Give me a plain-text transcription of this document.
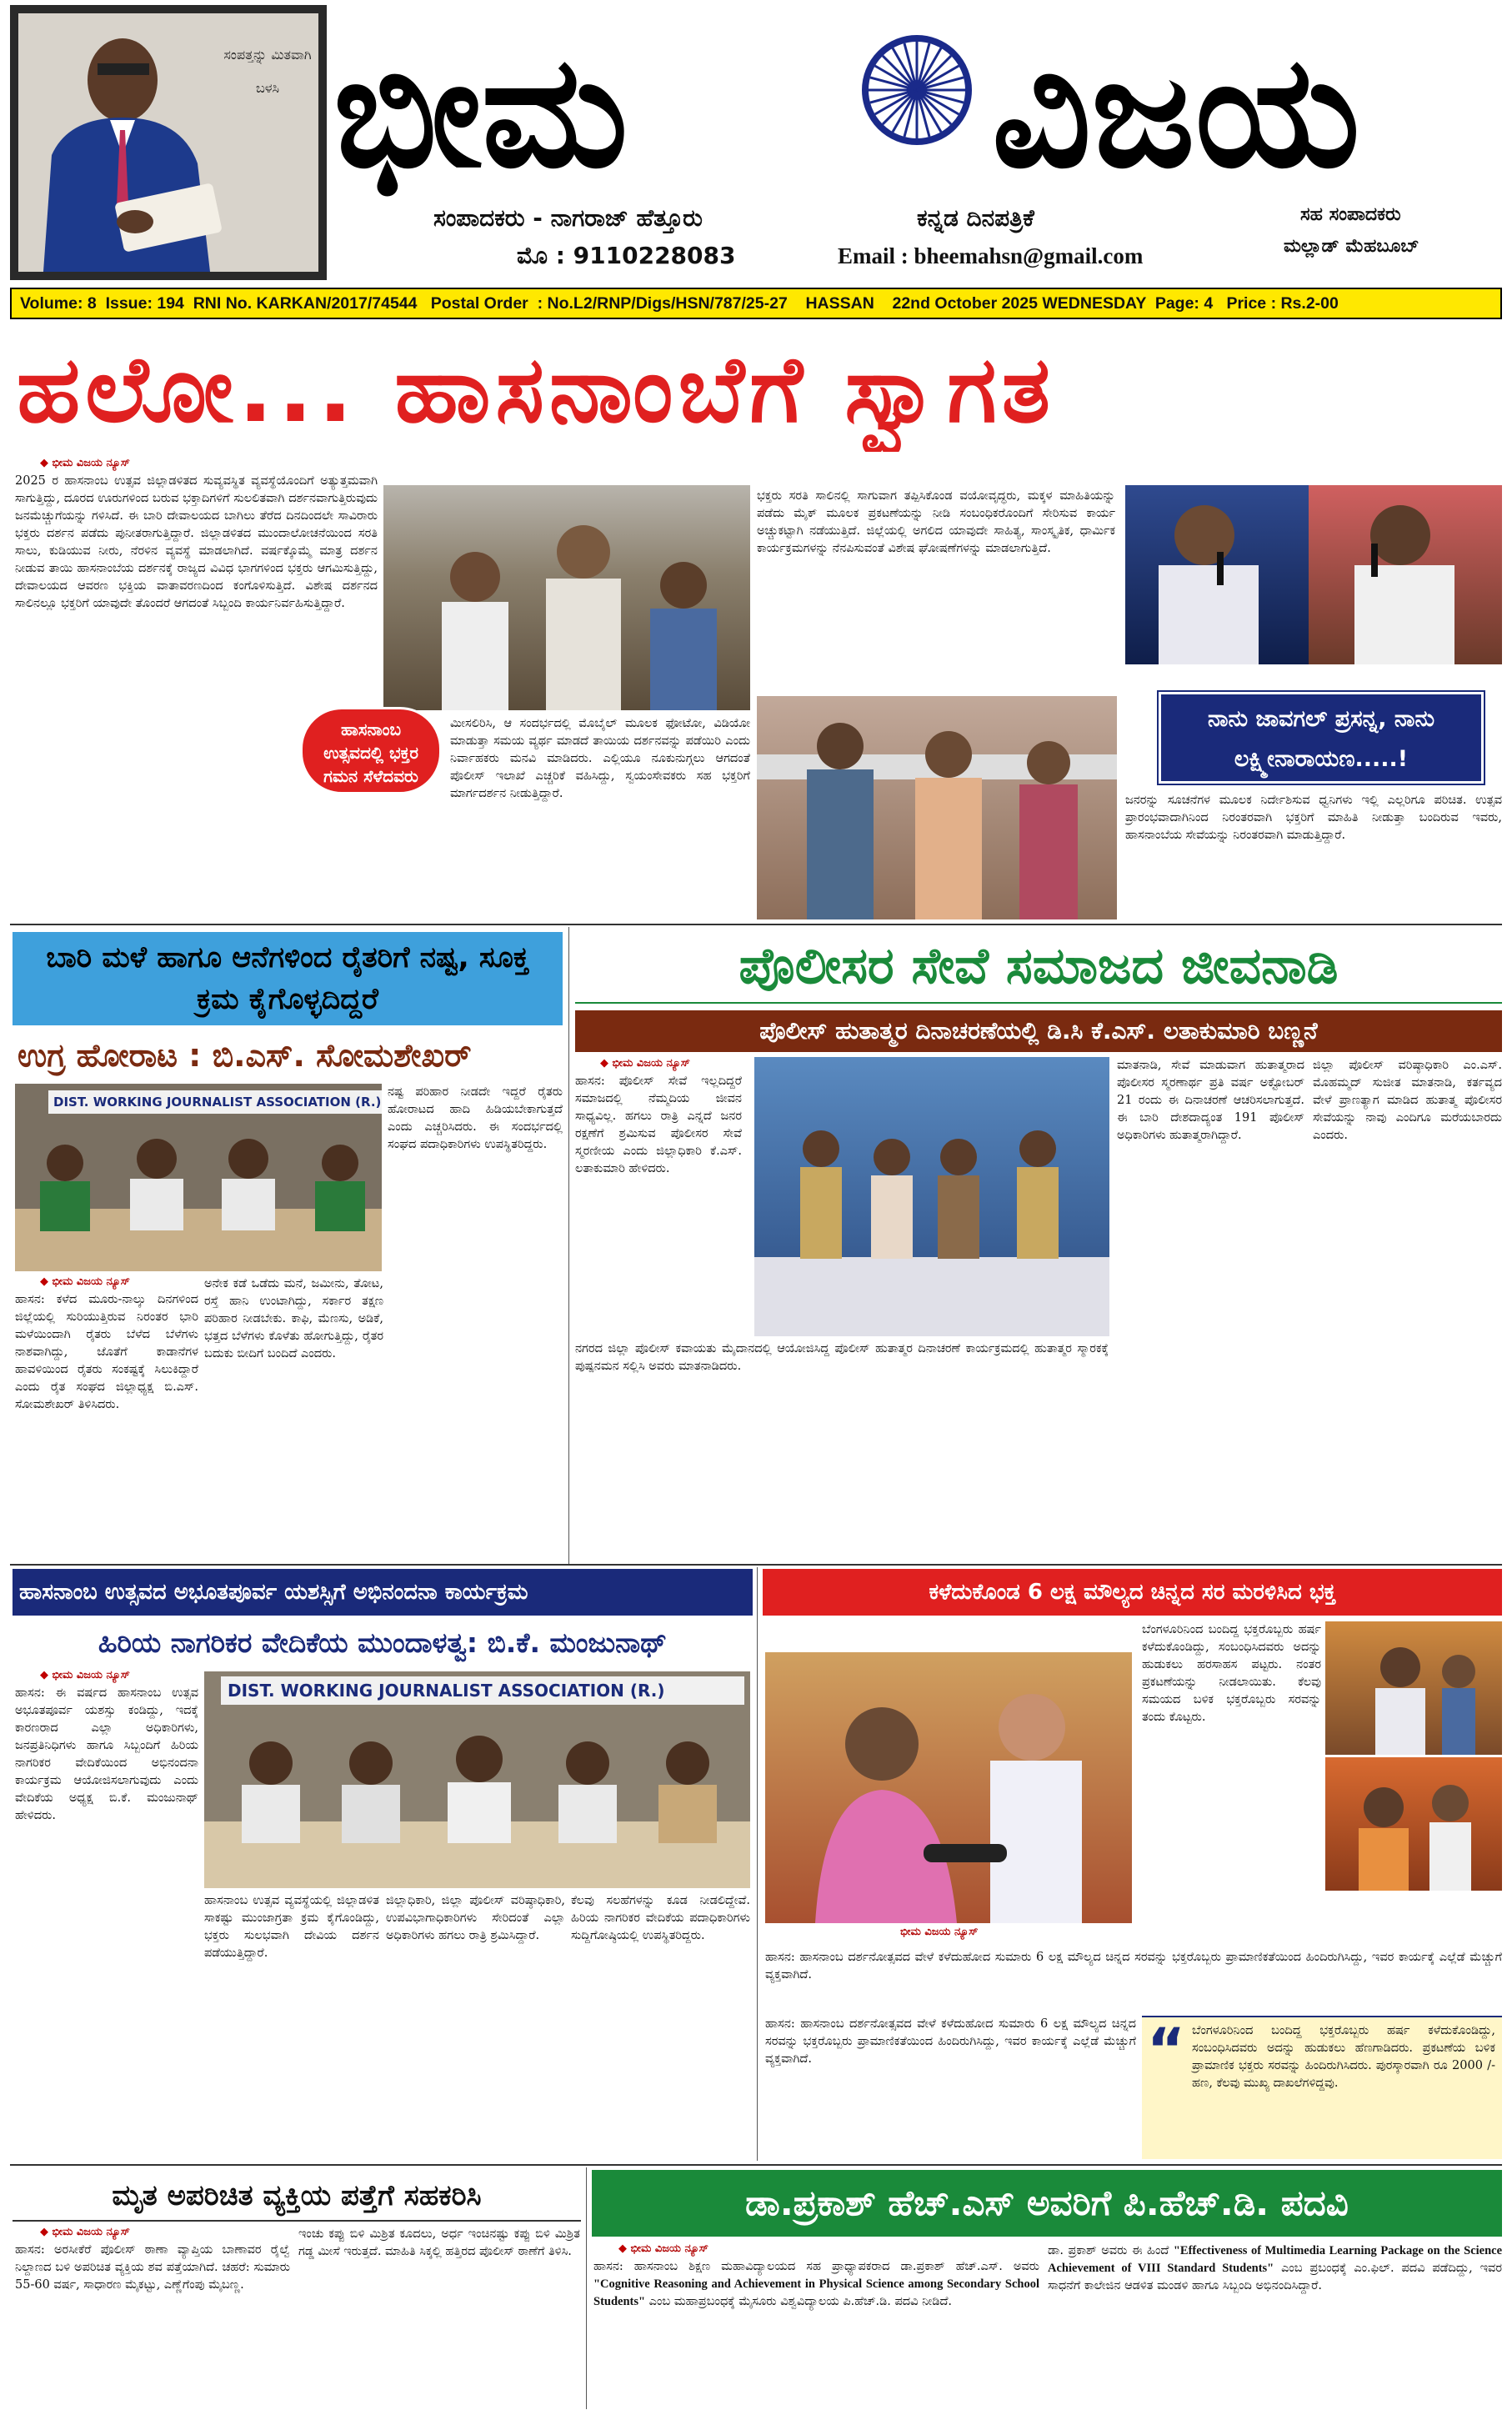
ಸಂಪತ್ತನ್ನು ಮಿತವಾಗಿ ಬಳಸಿ ಭೀಮ ವಿಜಯ
ಸಂಪಾದಕರು - ನಾಗರಾಜ್ ಹೆತ್ತೂರು
ಮೊ : 9110228083
ಕನ್ನಡ ದಿನಪತ್ರಿಕೆ
Email : bheemahsn@gmail.com
ಸಹ ಸಂಪಾದಕರು
ಮಲ್ಲಾಡ್ ಮೆಹಬೂಬ್
Volume: 8  Issue: 194  RNI No. KARKAN/2017/74544   Postal Order  : No.L2/RNP/Digs/HSN/787/25-27    HASSAN    22nd October 2025 WEDNESDAY  Page: 4   Price : Rs.2-00
ಹಲೋ... ಹಾಸನಾಂಬೆಗೆ ಸ್ವಾಗತ

◆ ಭೀಮ ವಿಜಯ ನ್ಯೂಸ್

2025 ರ ಹಾಸನಾಂಬ ಉತ್ಸವ ಜಿಲ್ಲಾಡಳಿತದ ಸುವ್ಯವಸ್ಥಿತ ವ್ಯವಸ್ಥೆಯೊಂದಿಗೆ ಅತ್ಯುತ್ತಮವಾಗಿ ಸಾಗುತ್ತಿದ್ದು, ದೂರದ ಊರುಗಳಿಂದ ಬರುವ ಭಕ್ತಾದಿಗಳಿಗೆ ಸುಲಲಿತವಾಗಿ ದರ್ಶನವಾಗುತ್ತಿರುವುದು ಜನಮೆಚ್ಚುಗೆಯನ್ನು ಗಳಿಸಿದೆ. ಈ ಬಾರಿ ದೇವಾಲಯದ ಬಾಗಿಲು ತೆರೆದ ದಿನದಿಂದಲೇ ಸಾವಿರಾರು ಭಕ್ತರು ದರ್ಶನ ಪಡೆದು ಪುನೀತರಾಗುತ್ತಿದ್ದಾರೆ. ಜಿಲ್ಲಾಡಳಿತದ ಮುಂದಾಲೋಚನೆಯಿಂದ ಸರತಿ ಸಾಲು, ಕುಡಿಯುವ ನೀರು, ನೆರಳಿನ ವ್ಯವಸ್ಥೆ ಮಾಡಲಾಗಿದೆ. ವರ್ಷಕ್ಕೊಮ್ಮೆ ಮಾತ್ರ ದರ್ಶನ ನೀಡುವ ತಾಯಿ ಹಾಸನಾಂಬೆಯ ದರ್ಶನಕ್ಕೆ ರಾಜ್ಯದ ವಿವಿಧ ಭಾಗಗಳಿಂದ ಭಕ್ತರು ಆಗಮಿಸುತ್ತಿದ್ದು, ದೇವಾಲಯದ ಆವರಣ ಭಕ್ತಿಯ ವಾತಾವರಣದಿಂದ ಕಂಗೊಳಿಸುತ್ತಿದೆ. ವಿಶೇಷ ದರ್ಶನದ ಸಾಲಿನಲ್ಲೂ ಭಕ್ತರಿಗೆ ಯಾವುದೇ ತೊಂದರೆ ಆಗದಂತೆ ಸಿಬ್ಬಂದಿ ಕಾರ್ಯನಿರ್ವಹಿಸುತ್ತಿದ್ದಾರೆ.

ಹಾಸನಾಂಬ ಉತ್ಸವದಲ್ಲಿ ಭಕ್ತರ ಗಮನ ಸೆಳೆದವರು

ಮೀಸಲಿರಿಸಿ, ಆ ಸಂದರ್ಭದಲ್ಲಿ ಮೊಬೈಲ್ ಮೂಲಕ ಫೋಟೋ, ವಿಡಿಯೋ ಮಾಡುತ್ತಾ ಸಮಯ ವ್ಯರ್ಥ ಮಾಡದೆ ತಾಯಿಯ ದರ್ಶನವನ್ನು ಪಡೆಯಿರಿ ಎಂದು ನಿರ್ವಾಹಕರು ಮನವಿ ಮಾಡಿದರು. ಎಲ್ಲಿಯೂ ನೂಕುನುಗ್ಗಲು ಆಗದಂತೆ ಪೊಲೀಸ್ ಇಲಾಖೆ ಎಚ್ಚರಿಕೆ ವಹಿಸಿದ್ದು, ಸ್ವಯಂಸೇವಕರು ಸಹ ಭಕ್ತರಿಗೆ ಮಾರ್ಗದರ್ಶನ ನೀಡುತ್ತಿದ್ದಾರೆ.

ಭಕ್ತರು ಸರತಿ ಸಾಲಿನಲ್ಲಿ ಸಾಗುವಾಗ ತಪ್ಪಿಸಿಕೊಂಡ ವಯೋವೃದ್ಧರು, ಮಕ್ಕಳ ಮಾಹಿತಿಯನ್ನು ಪಡೆದು ಮೈಕ್ ಮೂಲಕ ಪ್ರಕಟಣೆಯನ್ನು ನೀಡಿ ಸಂಬಂಧಿಕರೊಂದಿಗೆ ಸೇರಿಸುವ ಕಾರ್ಯ ಅಚ್ಚುಕಟ್ಟಾಗಿ ನಡೆಯುತ್ತಿದೆ. ಜಿಲ್ಲೆಯಲ್ಲಿ ಅಗಲಿದ ಯಾವುದೇ ಸಾಹಿತ್ಯ, ಸಾಂಸ್ಕೃತಿಕ, ಧಾರ್ಮಿಕ ಕಾರ್ಯಕ್ರಮಗಳನ್ನು ನೆನಪಿಸುವಂತೆ ವಿಶೇಷ ಘೋಷಣೆಗಳನ್ನು ಮಾಡಲಾಗುತ್ತಿದೆ.

ನಾನು ಜಾವಗಲ್ ಪ್ರಸನ್ನ, ನಾನು ಲಕ್ಷ್ಮೀನಾರಾಯಣ.....!

ಜನರನ್ನು ಸೂಚನೆಗಳ ಮೂಲಕ ನಿರ್ದೇಶಿಸುವ ಧ್ವನಿಗಳು ಇಲ್ಲಿ ಎಲ್ಲರಿಗೂ ಪರಿಚಿತ. ಉತ್ಸವ ಪ್ರಾರಂಭವಾದಾಗಿನಿಂದ ನಿರಂತರವಾಗಿ ಭಕ್ತರಿಗೆ ಮಾಹಿತಿ ನೀಡುತ್ತಾ ಬಂದಿರುವ ಇವರು, ಹಾಸನಾಂಬೆಯ ಸೇವೆಯನ್ನು ನಿರಂತರವಾಗಿ ಮಾಡುತ್ತಿದ್ದಾರೆ.

ಬಾರಿ ಮಳೆ ಹಾಗೂ ಆನೆಗಳಿಂದ ರೈತರಿಗೆ ನಷ್ಟ, ಸೂಕ್ತ ಕ್ರಮ ಕೈಗೊಳ್ಳದಿದ್ದರೆ
ಉಗ್ರ ಹೋರಾಟ : ಬಿ.ಎಸ್. ಸೋಮಶೇಖರ್
DIST. WORKING JOURNALIST ASSOCIATION (R.)

◆ ಭೀಮ ವಿಜಯ ನ್ಯೂಸ್

ಹಾಸನ: ಕಳೆದ ಮೂರು-ನಾಲ್ಕು ದಿನಗಳಿಂದ ಜಿಲ್ಲೆಯಲ್ಲಿ ಸುರಿಯುತ್ತಿರುವ ನಿರಂತರ ಭಾರಿ ಮಳೆಯಿಂದಾಗಿ ರೈತರು ಬೆಳೆದ ಬೆಳೆಗಳು ನಾಶವಾಗಿದ್ದು, ಜೊತೆಗೆ ಕಾಡಾನೆಗಳ ಹಾವಳಿಯಿಂದ ರೈತರು ಸಂಕಷ್ಟಕ್ಕೆ ಸಿಲುಕಿದ್ದಾರೆ ಎಂದು ರೈತ ಸಂಘದ ಜಿಲ್ಲಾಧ್ಯಕ್ಷ ಬಿ.ಎಸ್. ಸೋಮಶೇಖರ್ ತಿಳಿಸಿದರು.

ಅನೇಕ ಕಡೆ ಒಡೆದು ಮನೆ, ಜಮೀನು, ತೋಟ, ರಸ್ತೆ ಹಾನಿ ಉಂಟಾಗಿದ್ದು, ಸರ್ಕಾರ ತಕ್ಷಣ ಪರಿಹಾರ ನೀಡಬೇಕು. ಕಾಫಿ, ಮೆಣಸು, ಅಡಿಕೆ, ಭತ್ತದ ಬೆಳೆಗಳು ಕೊಳೆತು ಹೋಗುತ್ತಿದ್ದು, ರೈತರ ಬದುಕು ಬೀದಿಗೆ ಬಂದಿದೆ ಎಂದರು.

ನಷ್ಟ ಪರಿಹಾರ ನೀಡದೇ ಇದ್ದರೆ ರೈತರು ಹೋರಾಟದ ಹಾದಿ ಹಿಡಿಯಬೇಕಾಗುತ್ತದೆ ಎಂದು ಎಚ್ಚರಿಸಿದರು. ಈ ಸಂದರ್ಭದಲ್ಲಿ ಸಂಘದ ಪದಾಧಿಕಾರಿಗಳು ಉಪಸ್ಥಿತರಿದ್ದರು.

ಪೊಲೀಸರ ಸೇವೆ ಸಮಾಜದ ಜೀವನಾಡಿ
ಪೊಲೀಸ್ ಹುತಾತ್ಮರ ದಿನಾಚರಣೆಯಲ್ಲಿ ಡಿ.ಸಿ ಕೆ.ಎಸ್. ಲತಾಕುಮಾರಿ ಬಣ್ಣನೆ

◆ ಭೀಮ ವಿಜಯ ನ್ಯೂಸ್

ಹಾಸನ: ಪೊಲೀಸ್ ಸೇವೆ ಇಲ್ಲದಿದ್ದರೆ ಸಮಾಜದಲ್ಲಿ ನೆಮ್ಮದಿಯ ಜೀವನ ಸಾಧ್ಯವಿಲ್ಲ. ಹಗಲು ರಾತ್ರಿ ಎನ್ನದೆ ಜನರ ರಕ್ಷಣೆಗೆ ಶ್ರಮಿಸುವ ಪೊಲೀಸರ ಸೇವೆ ಸ್ಮರಣೀಯ ಎಂದು ಜಿಲ್ಲಾಧಿಕಾರಿ ಕೆ.ಎಸ್. ಲತಾಕುಮಾರಿ ಹೇಳಿದರು.

ನಗರದ ಜಿಲ್ಲಾ ಪೊಲೀಸ್ ಕವಾಯತು ಮೈದಾನದಲ್ಲಿ ಆಯೋಜಿಸಿದ್ದ ಪೊಲೀಸ್ ಹುತಾತ್ಮರ ದಿನಾಚರಣೆ ಕಾರ್ಯಕ್ರಮದಲ್ಲಿ ಹುತಾತ್ಮರ ಸ್ಮಾರಕಕ್ಕೆ ಪುಷ್ಪನಮನ ಸಲ್ಲಿಸಿ ಅವರು ಮಾತನಾಡಿದರು.

ಮಾತನಾಡಿ, ಸೇವೆ ಮಾಡುವಾಗ ಹುತಾತ್ಮರಾದ ಪೊಲೀಸರ ಸ್ಮರಣಾರ್ಥ ಪ್ರತಿ ವರ್ಷ ಅಕ್ಟೋಬರ್ 21 ರಂದು ಈ ದಿನಾಚರಣೆ ಆಚರಿಸಲಾಗುತ್ತದೆ. ಈ ಬಾರಿ ದೇಶದಾದ್ಯಂತ 191 ಪೊಲೀಸ್ ಅಧಿಕಾರಿಗಳು ಹುತಾತ್ಮರಾಗಿದ್ದಾರೆ.

ಜಿಲ್ಲಾ ಪೊಲೀಸ್ ವರಿಷ್ಠಾಧಿಕಾರಿ ಎಂ.ಎಸ್. ಮೊಹಮ್ಮದ್ ಸುಜೀತ ಮಾತನಾಡಿ, ಕರ್ತವ್ಯದ ವೇಳೆ ಪ್ರಾಣತ್ಯಾಗ ಮಾಡಿದ ಹುತಾತ್ಮ ಪೊಲೀಸರ ಸೇವೆಯನ್ನು ನಾವು ಎಂದಿಗೂ ಮರೆಯಬಾರದು ಎಂದರು.

ಹಾಸನಾಂಬ ಉತ್ಸವದ ಅಭೂತಪೂರ್ವ ಯಶಸ್ಸಿಗೆ ಅಭಿನಂದನಾ ಕಾರ್ಯಕ್ರಮ
ಹಿರಿಯ ನಾಗರಿಕರ ವೇದಿಕೆಯ ಮುಂದಾಳತ್ವ: ಬಿ.ಕೆ. ಮಂಜುನಾಥ್

◆ ಭೀಮ ವಿಜಯ ನ್ಯೂಸ್

ಹಾಸನ: ಈ ವರ್ಷದ ಹಾಸನಾಂಬ ಉತ್ಸವ ಅಭೂತಪೂರ್ವ ಯಶಸ್ಸು ಕಂಡಿದ್ದು, ಇದಕ್ಕೆ ಕಾರಣರಾದ ಎಲ್ಲಾ ಅಧಿಕಾರಿಗಳು, ಜನಪ್ರತಿನಿಧಿಗಳು ಹಾಗೂ ಸಿಬ್ಬಂದಿಗೆ ಹಿರಿಯ ನಾಗರಿಕರ ವೇದಿಕೆಯಿಂದ ಅಭಿನಂದನಾ ಕಾರ್ಯಕ್ರಮ ಆಯೋಜಿಸಲಾಗುವುದು ಎಂದು ವೇದಿಕೆಯ ಅಧ್ಯಕ್ಷ ಬಿ.ಕೆ. ಮಂಜುನಾಥ್ ಹೇಳಿದರು.

DIST. WORKING JOURNALIST ASSOCIATION (R.)

ಹಾಸನಾಂಬ ಉತ್ಸವ ವ್ಯವಸ್ಥೆಯಲ್ಲಿ ಜಿಲ್ಲಾಡಳಿತ ಸಾಕಷ್ಟು ಮುಂಜಾಗ್ರತಾ ಕ್ರಮ ಕೈಗೊಂಡಿದ್ದು, ಭಕ್ತರು ಸುಲಭವಾಗಿ ದೇವಿಯ ದರ್ಶನ ಪಡೆಯುತ್ತಿದ್ದಾರೆ.

ಜಿಲ್ಲಾಧಿಕಾರಿ, ಜಿಲ್ಲಾ ಪೊಲೀಸ್ ವರಿಷ್ಠಾಧಿಕಾರಿ, ಉಪವಿಭಾಗಾಧಿಕಾರಿಗಳು ಸೇರಿದಂತೆ ಎಲ್ಲಾ ಅಧಿಕಾರಿಗಳು ಹಗಲು ರಾತ್ರಿ ಶ್ರಮಿಸಿದ್ದಾರೆ.

ಕೆಲವು ಸಲಹೆಗಳನ್ನು ಕೂಡ ನೀಡಲಿದ್ದೇವೆ. ಹಿರಿಯ ನಾಗರಿಕರ ವೇದಿಕೆಯ ಪದಾಧಿಕಾರಿಗಳು ಸುದ್ದಿಗೋಷ್ಠಿಯಲ್ಲಿ ಉಪಸ್ಥಿತರಿದ್ದರು.

ಕಳೆದುಕೊಂಡ 6 ಲಕ್ಷ ಮೌಲ್ಯದ ಚಿನ್ನದ ಸರ ಮರಳಿಸಿದ ಭಕ್ತ
ಭೀಮ ವಿಜಯ ನ್ಯೂಸ್

ಬೆಂಗಳೂರಿನಿಂದ ಬಂದಿದ್ದ ಭಕ್ತರೊಬ್ಬರು ಹರ್ಷ ಕಳೆದುಕೊಂಡಿದ್ದು, ಸಂಬಂಧಿಸಿದವರು ಅದನ್ನು ಹುಡುಕಲು ಹರಸಾಹಸ ಪಟ್ಟರು. ನಂತರ ಪ್ರಕಟಣೆಯನ್ನು ನೀಡಲಾಯಿತು. ಕೆಲವು ಸಮಯದ ಬಳಿಕ ಭಕ್ತರೊಬ್ಬರು ಸರವನ್ನು ತಂದು ಕೊಟ್ಟರು.

ಹಾಸನ: ಹಾಸನಾಂಬ ದರ್ಶನೋತ್ಸವದ ವೇಳೆ ಕಳೆದುಹೋದ ಸುಮಾರು 6 ಲಕ್ಷ ಮೌಲ್ಯದ ಚಿನ್ನದ ಸರವನ್ನು ಭಕ್ತರೊಬ್ಬರು ಪ್ರಾಮಾಣಿಕತೆಯಿಂದ ಹಿಂದಿರುಗಿಸಿದ್ದು, ಇವರ ಕಾರ್ಯಕ್ಕೆ ಎಲ್ಲೆಡೆ ಮೆಚ್ಚುಗೆ ವ್ಯಕ್ತವಾಗಿದೆ.

“ ಬೆಂಗಳೂರಿನಿಂದ ಬಂದಿದ್ದ ಭಕ್ತರೊಬ್ಬರು ಹರ್ಷ ಕಳೆದುಕೊಂಡಿದ್ದು, ಸಂಬಂಧಿಸಿದವರು ಅದನ್ನು ಹುಡುಕಲು ಹೆಣಗಾಡಿದರು. ಪ್ರಕಟಣೆಯ ಬಳಿಕ ಪ್ರಾಮಾಣಿಕ ಭಕ್ತರು ಸರವನ್ನು ಹಿಂದಿರುಗಿಸಿದರು. ಪುರಸ್ಕಾರವಾಗಿ ರೂ 2000 /- ಹಣ, ಕೆಲವು ಮುಖ್ಯ ದಾಖಲೆಗಳಿದ್ದವು.

ಹಾಸನ: ಹಾಸನಾಂಬ ದರ್ಶನೋತ್ಸವದ ವೇಳೆ ಕಳೆದುಹೋದ ಸುಮಾರು 6 ಲಕ್ಷ ಮೌಲ್ಯದ ಚಿನ್ನದ ಸರವನ್ನು ಭಕ್ತರೊಬ್ಬರು ಪ್ರಾಮಾಣಿಕತೆಯಿಂದ ಹಿಂದಿರುಗಿಸಿದ್ದು, ಇವರ ಕಾರ್ಯಕ್ಕೆ ಎಲ್ಲೆಡೆ ಮೆಚ್ಚುಗೆ ವ್ಯಕ್ತವಾಗಿದೆ.

ಮೃತ ಅಪರಿಚಿತ ವ್ಯಕ್ತಿಯ ಪತ್ತೆಗೆ ಸಹಕರಿಸಿ

◆ ಭೀಮ ವಿಜಯ ನ್ಯೂಸ್

ಹಾಸನ: ಅರಸೀಕೆರೆ ಪೊಲೀಸ್ ಠಾಣಾ ವ್ಯಾಪ್ತಿಯ ಬಾಣಾವರ ರೈಲ್ವೆ ನಿಲ್ದಾಣದ ಬಳಿ ಅಪರಿಚಿತ ವ್ಯಕ್ತಿಯ ಶವ ಪತ್ತೆಯಾಗಿದೆ. ಚಹರೆ: ಸುಮಾರು 55-60 ವರ್ಷ, ಸಾಧಾರಣ ಮೈಕಟ್ಟು, ಎಣ್ಣೆಗೆಂಪು ಮೈಬಣ್ಣ.

ಇಂಚು ಕಪ್ಪು ಬಿಳಿ ಮಿಶ್ರಿತ ಕೂದಲು, ಅರ್ಧ ಇಂಚಿನಷ್ಟು ಕಪ್ಪು ಬಿಳಿ ಮಿಶ್ರಿತ ಗಡ್ಡ ಮೀಸೆ ಇರುತ್ತದೆ. ಮಾಹಿತಿ ಸಿಕ್ಕಲ್ಲಿ ಹತ್ತಿರದ ಪೊಲೀಸ್ ಠಾಣೆಗೆ ತಿಳಿಸಿ.

ಡಾ.ಪ್ರಕಾಶ್ ಹೆಚ್.ಎಸ್ ಅವರಿಗೆ ಪಿ.ಹೆಚ್.ಡಿ. ಪದವಿ

◆ ಭೀಮ ವಿಜಯ ನ್ಯೂಸ್

ಹಾಸನ: ಹಾಸನಾಂಬ ಶಿಕ್ಷಣ ಮಹಾವಿದ್ಯಾಲಯದ ಸಹ ಪ್ರಾಧ್ಯಾಪಕರಾದ ಡಾ.ಪ್ರಕಾಶ್ ಹೆಚ್.ಎಸ್. ಅವರು "Cognitive Reasoning and Achievement in Physical Science among Secondary School Students" ಎಂಬ ಮಹಾಪ್ರಬಂಧಕ್ಕೆ ಮೈಸೂರು ವಿಶ್ವವಿದ್ಯಾಲಯ ಪಿ.ಹೆಚ್.ಡಿ. ಪದವಿ ನೀಡಿದೆ.

ಡಾ. ಪ್ರಕಾಶ್ ಅವರು ಈ ಹಿಂದೆ "Effectiveness of Multimedia Learning Package on the Science Achievement of VIII Standard Students" ಎಂಬ ಪ್ರಬಂಧಕ್ಕೆ ಎಂ.ಫಿಲ್. ಪದವಿ ಪಡೆದಿದ್ದು, ಇವರ ಸಾಧನೆಗೆ ಕಾಲೇಜಿನ ಆಡಳಿತ ಮಂಡಳಿ ಹಾಗೂ ಸಿಬ್ಬಂದಿ ಅಭಿನಂದಿಸಿದ್ದಾರೆ.
